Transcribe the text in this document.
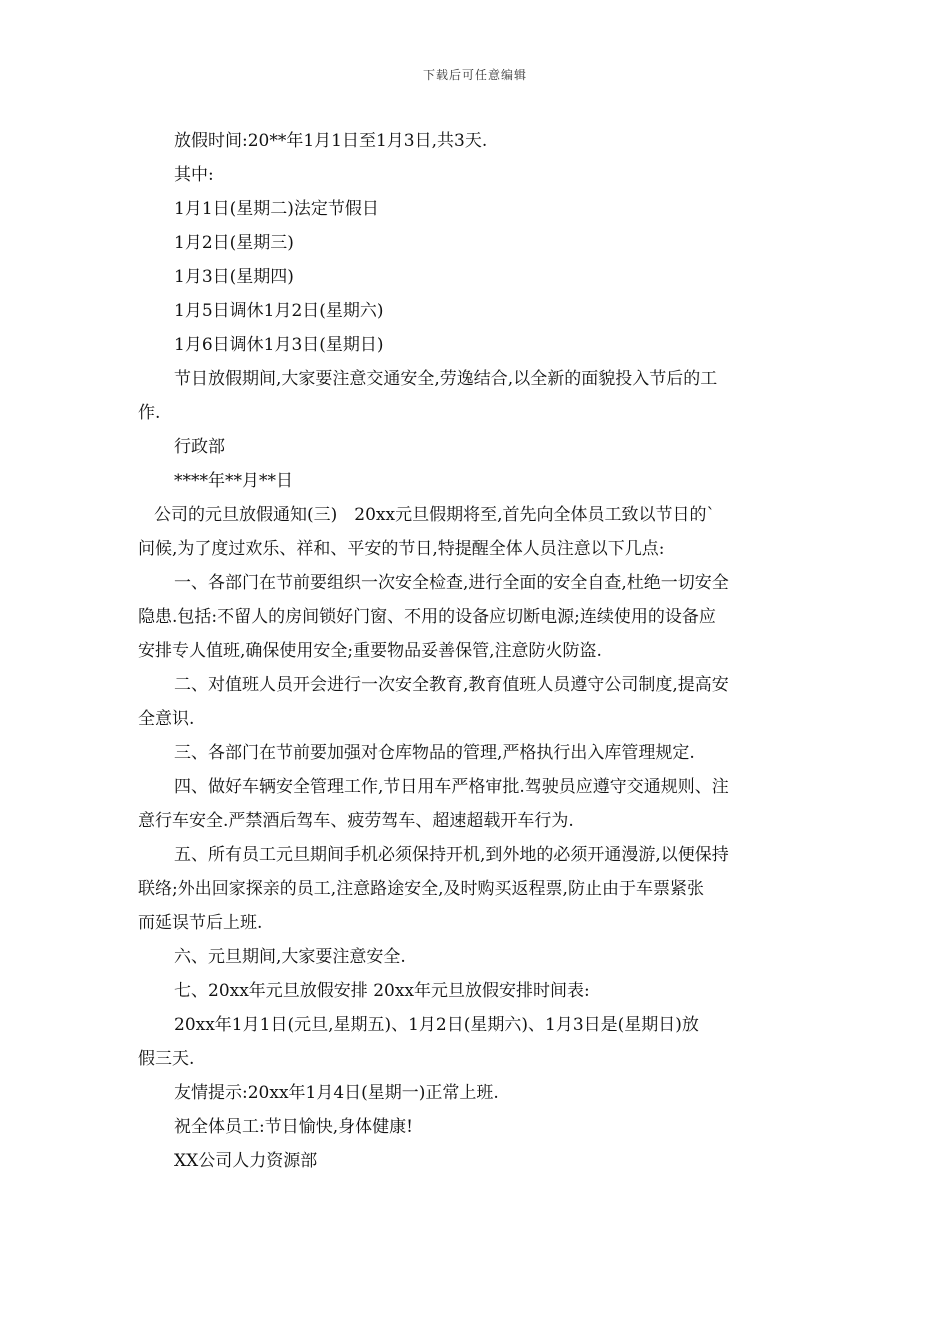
下载后可任意编辑
放假时间:20**年1月1日至1月3日,共3天.
其中:
1月1日(星期二)法定节假日
1月2日(星期三)
1月3日(星期四)
1月5日调休1月2日(星期六)
1月6日调休1月3日(星期日)
节日放假期间,大家要注意交通安全,劳逸结合,以全新的面貌投入节后的工
作.
行政部
****年**月**日
公司的元旦放假通知(三)　20xx元旦假期将至,首先向全体员工致以节日的`
问候,为了度过欢乐、祥和、平安的节日,特提醒全体人员注意以下几点:
一、各部门在节前要组织一次安全检查,进行全面的安全自查,杜绝一切安全
隐患.包括:不留人的房间锁好门窗、不用的设备应切断电源;连续使用的设备应
安排专人值班,确保使用安全;重要物品妥善保管,注意防火防盗.
二、对值班人员开会进行一次安全教育,教育值班人员遵守公司制度,提高安
全意识.
三、各部门在节前要加强对仓库物品的管理,严格执行出入库管理规定.
四、做好车辆安全管理工作,节日用车严格审批.驾驶员应遵守交通规则、注
意行车安全.严禁酒后驾车、疲劳驾车、超速超载开车行为.
五、所有员工元旦期间手机必须保持开机,到外地的必须开通漫游,以便保持
联络;外出回家探亲的员工,注意路途安全,及时购买返程票,防止由于车票紧张
而延误节后上班.
六、元旦期间,大家要注意安全.
七、20xx年元旦放假安排 20xx年元旦放假安排时间表:
20xx年1月1日(元旦,星期五)、1月2日(星期六)、1月3日是(星期日)放
假三天.
友情提示:20xx年1月4日(星期一)正常上班.
祝全体员工:节日愉快,身体健康!
XX公司人力资源部
